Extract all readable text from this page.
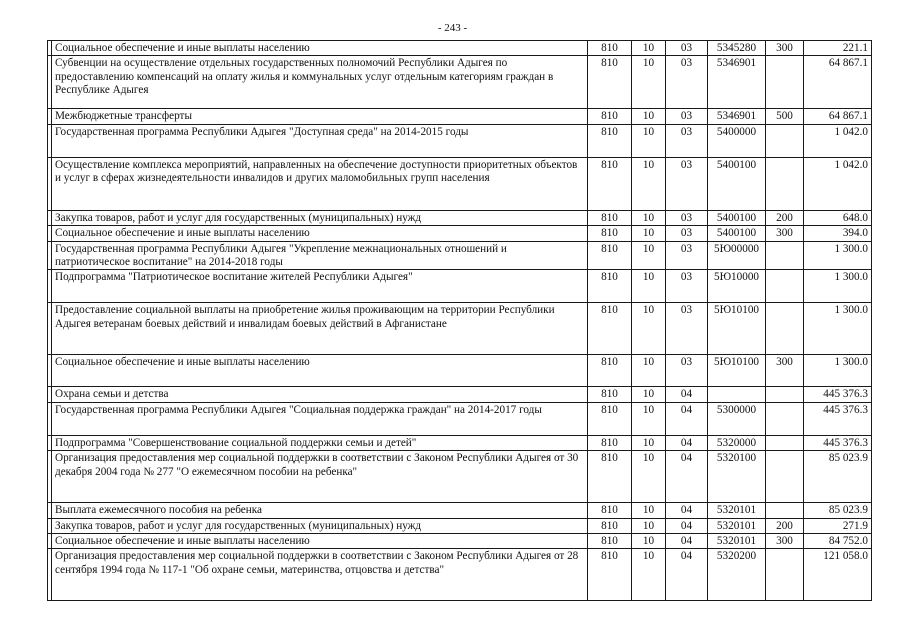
- 243 -
	Социальное обеспечение и иные выплаты населению	810	10	03	5345280	300	221.1
	Субвенции на осуществление отдельных государственных полномочий Республики Адыгея по предоставлению компенсаций на оплату жилья и коммунальных услуг отдельным категориям граждан в Республике Адыгея	810	10	03	5346901		64 867.1
	Межбюджетные трансферты	810	10	03	5346901	500	64 867.1
	Государственная программа Республики Адыгея "Доступная среда" на 2014-2015 годы	810	10	03	5400000		1 042.0
	Осуществление комплекса мероприятий, направленных на обеспечение доступности приоритетных объектов и услуг в сферах жизнедеятельности инвалидов и других маломобильных групп населения	810	10	03	5400100		1 042.0
	Закупка товаров, работ и услуг для государственных (муниципальных) нужд	810	10	03	5400100	200	648.0
	Социальное обеспечение и иные выплаты населению	810	10	03	5400100	300	394.0
	Государственная программа Республики Адыгея "Укрепление межнациональных отношений и патриотическое воспитание" на 2014-2018 годы	810	10	03	5Ю00000		1 300.0
	Подпрограмма "Патриотическое воспитание жителей Республики Адыгея"	810	10	03	5Ю10000		1 300.0
	Предоставление социальной выплаты на приобретение жилья проживающим на территории Республики Адыгея ветеранам боевых действий и инвалидам боевых действий в Афганистане	810	10	03	5Ю10100		1 300.0
	Социальное обеспечение и иные выплаты населению	810	10	03	5Ю10100	300	1 300.0
	Охрана семьи и детства	810	10	04			445 376.3
	Государственная программа Республики Адыгея "Социальная поддержка граждан" на 2014-2017 годы	810	10	04	5300000		445 376.3
	Подпрограмма "Совершенствование социальной поддержки семьи и детей"	810	10	04	5320000		445 376.3
	Организация предоставления мер социальной поддержки в соответствии с Законом Республики Адыгея от 30 декабря 2004 года № 277 "О ежемесячном пособии на ребенка"	810	10	04	5320100		85 023.9
	Выплата ежемесячного пособия на ребенка	810	10	04	5320101		85 023.9
	Закупка товаров, работ и услуг для государственных (муниципальных) нужд	810	10	04	5320101	200	271.9
	Социальное обеспечение и иные выплаты населению	810	10	04	5320101	300	84 752.0
	Организация предоставления мер социальной поддержки в соответствии с Законом Республики Адыгея от 28 сентября 1994 года № 117-1 "Об охране семьи, материнства, отцовства и детства"	810	10	04	5320200		121 058.0
